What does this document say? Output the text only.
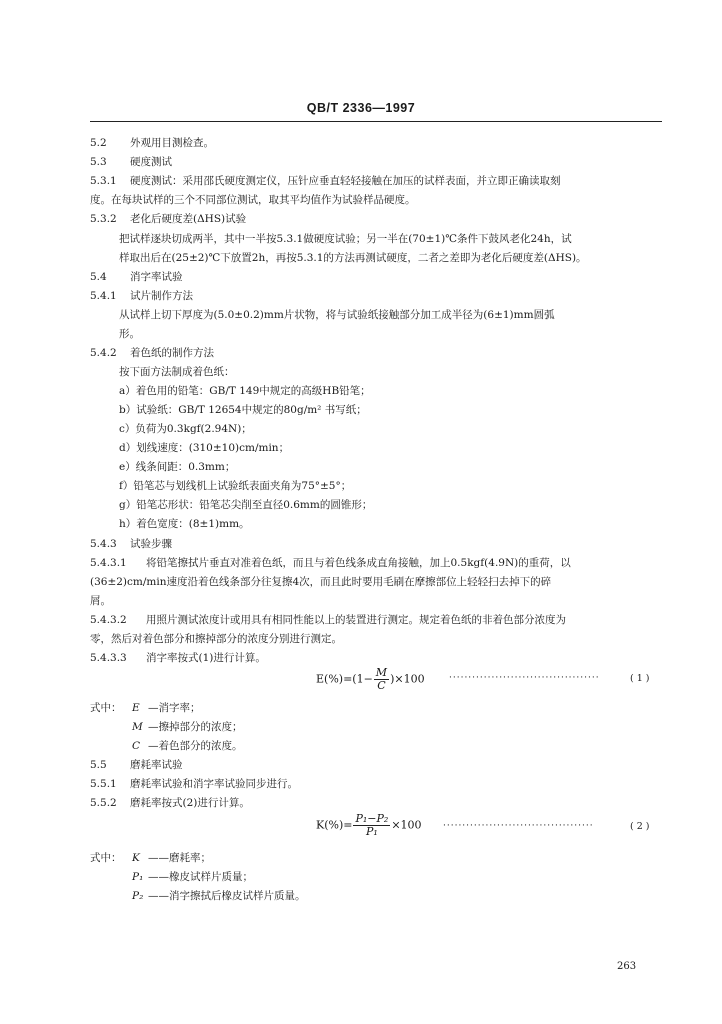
QB/T 2336—1997
5.2 外观用目测检查。
5.3 硬度测试
5.3.1 硬度测试：采用邵氏硬度测定仪，压针应垂直轻轻接触在加压的试样表面，并立即正确读取刻
度。在每块试样的三个不同部位测试，取其平均值作为试验样品硬度。
5.3.2 老化后硬度差(ΔHS)试验
把试样逐块切成两半，其中一半按5.3.1做硬度试验；另一半在(70±1)℃条件下鼓风老化24h，试
样取出后在(25±2)℃下放置2h，再按5.3.1的方法再测试硬度，二者之差即为老化后硬度差(ΔHS)。
5.4 消字率试验
5.4.1 试片制作方法
从试样上切下厚度为(5.0±0.2)mm片状物，将与试验纸接触部分加工成半径为(6±1)mm圆弧
形。
5.4.2 着色纸的制作方法
按下面方法制成着色纸：
a）着色用的铅笔：GB/T 149中规定的高级HB铅笔；
b）试验纸：GB/T 12654中规定的80g/m² 书写纸；
c）负荷为0.3kgf(2.94N)；
d）划线速度：(310±10)cm/min；
e）线条间距：0.3mm；
f）铅笔芯与划线机上试验纸表面夹角为75°±5°；
g）铅笔芯形状：铅笔芯尖削至直径0.6mm的圆锥形；
h）着色宽度：(8±1)mm。
5.4.3 试验步骤
5.4.3.1 将铅笔擦拭片垂直对准着色纸，而且与着色线条成直角接触，加上0.5kgf(4.9N)的重荷，以
(36±2)cm/min速度沿着色线条部分往复擦4次，而且此时要用毛刷在摩擦部位上轻轻扫去掉下的碎
屑。
5.4.3.2 用照片测试浓度计或用具有相同性能以上的装置进行测定。规定着色纸的非着色部分浓度为
零，然后对着色部分和擦掉部分的浓度分别进行测定。
5.4.3.3 消字率按式(1)进行计算。
$E(\%)=(1- \frac{M}{C} )\times 100$	·······································	( 1 )
式中： E —消字率；
M —擦掉部分的浓度；
C —着色部分的浓度。
5.5 磨耗率试验
5.5.1 磨耗率试验和消字率试验同步进行。
5.5.2 磨耗率按式(2)进行计算。
$K(\%)= \frac{\text{P₁−P₂}}{\text{P₁}} \times 100$ ·······································	( 2 )
式中： K ——磨耗率；
P₁ ——橡皮试样片质量；
P₂ ——消字擦拭后橡皮试样片质量。
263
